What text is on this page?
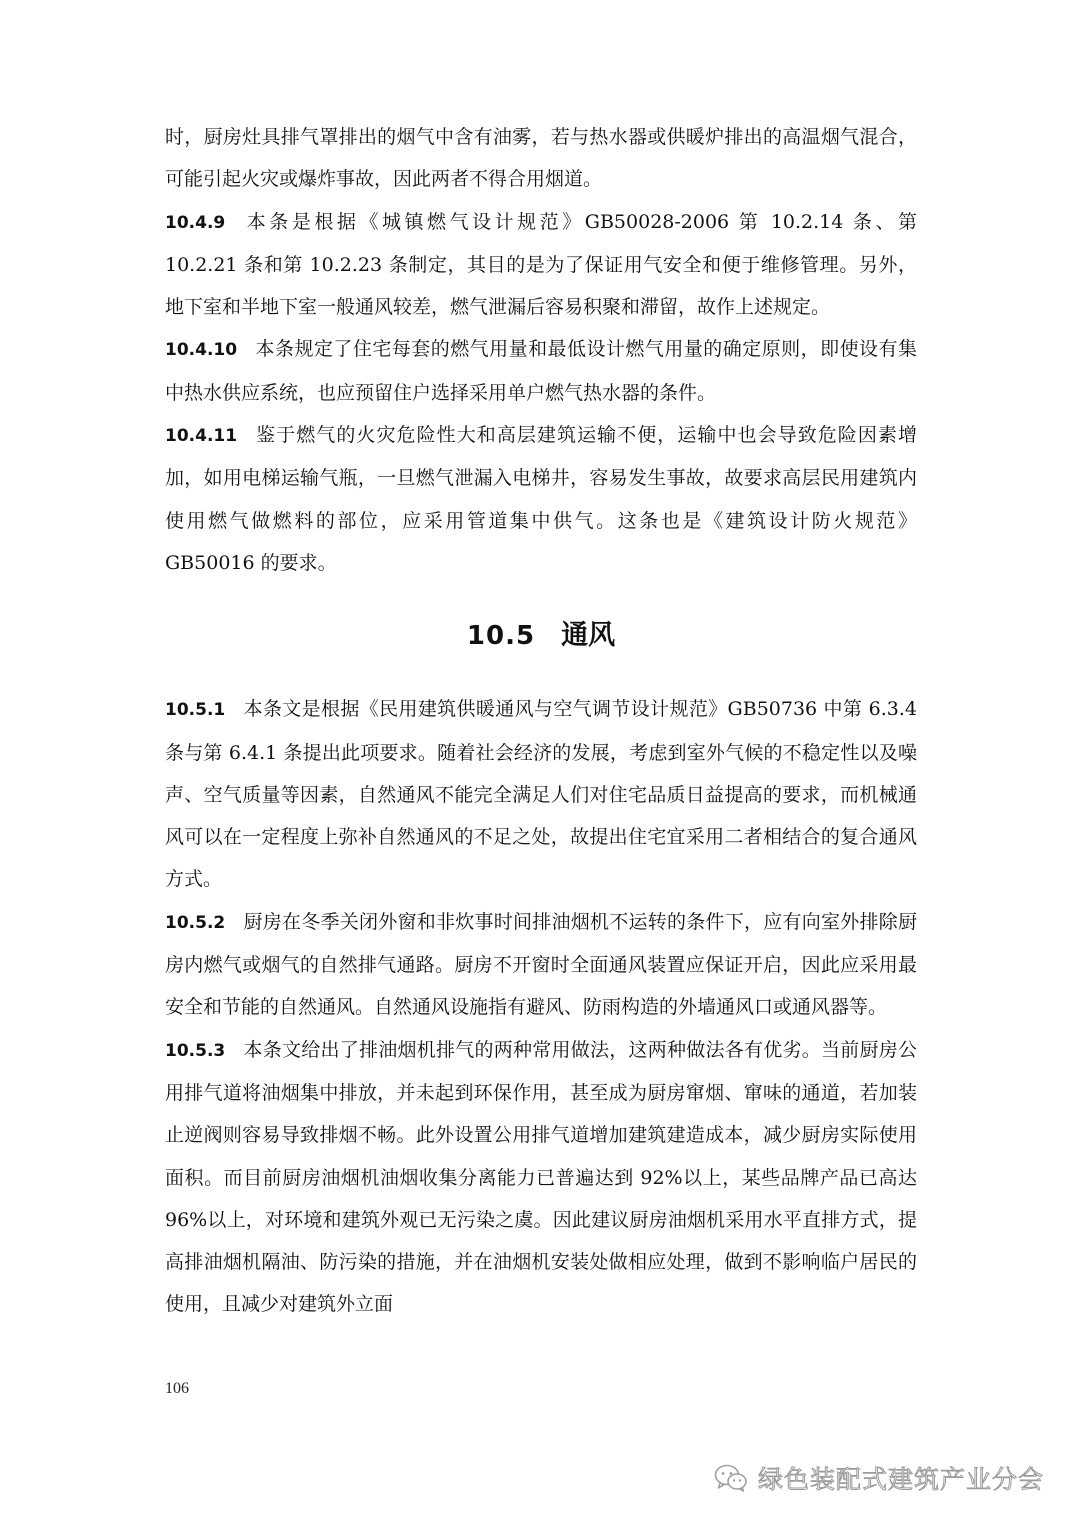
时，厨房灶具排气罩排出的烟气中含有油雾，若与热水器或供暖炉排出的高温烟气混合，可能引起火灾或爆炸事故，因此两者不得合用烟道。

10.4.9 本条是根据《城镇燃气设计规范》GB50028-2006 第 10.2.14 条、第 10.2.21 条和第 10.2.23 条制定，其目的是为了保证用气安全和便于维修管理。另外，地下室和半地下室一般通风较差，燃气泄漏后容易积聚和滞留，故作上述规定。

10.4.10 本条规定了住宅每套的燃气用量和最低设计燃气用量的确定原则，即使设有集中热水供应系统，也应预留住户选择采用单户燃气热水器的条件。

10.4.11 鉴于燃气的火灾危险性大和高层建筑运输不便，运输中也会导致危险因素增加，如用电梯运输气瓶，一旦燃气泄漏入电梯井，容易发生事故，故要求高层民用建筑内使用燃气做燃料的部位，应采用管道集中供气。这条也是《建筑设计防火规范》GB50016 的要求。

10.5 通风

10.5.1 本条文是根据《民用建筑供暖通风与空气调节设计规范》GB50736 中第 6.3.4 条与第 6.4.1 条提出此项要求。随着社会经济的发展，考虑到室外气候的不稳定性以及噪声、空气质量等因素，自然通风不能完全满足人们对住宅品质日益提高的要求，而机械通风可以在一定程度上弥补自然通风的不足之处，故提出住宅宜采用二者相结合的复合通风方式。

10.5.2 厨房在冬季关闭外窗和非炊事时间排油烟机不运转的条件下，应有向室外排除厨房内燃气或烟气的自然排气通路。厨房不开窗时全面通风装置应保证开启，因此应采用最安全和节能的自然通风。自然通风设施指有避风、防雨构造的外墙通风口或通风器等。

10.5.3 本条文给出了排油烟机排气的两种常用做法，这两种做法各有优劣。当前厨房公用排气道将油烟集中排放，并未起到环保作用，甚至成为厨房窜烟、窜味的通道，若加装止逆阀则容易导致排烟不畅。此外设置公用排气道增加建筑建造成本，减少厨房实际使用面积。而目前厨房油烟机油烟收集分离能力已普遍达到 92%以上，某些品牌产品已高达 96%以上，对环境和建筑外观已无污染之虞。因此建议厨房油烟机采用水平直排方式，提高排油烟机隔油、防污染的措施，并在油烟机安装处做相应处理，做到不影响临户居民的使用，且减少对建筑外立面

106
绿色装配式建筑产业分会
